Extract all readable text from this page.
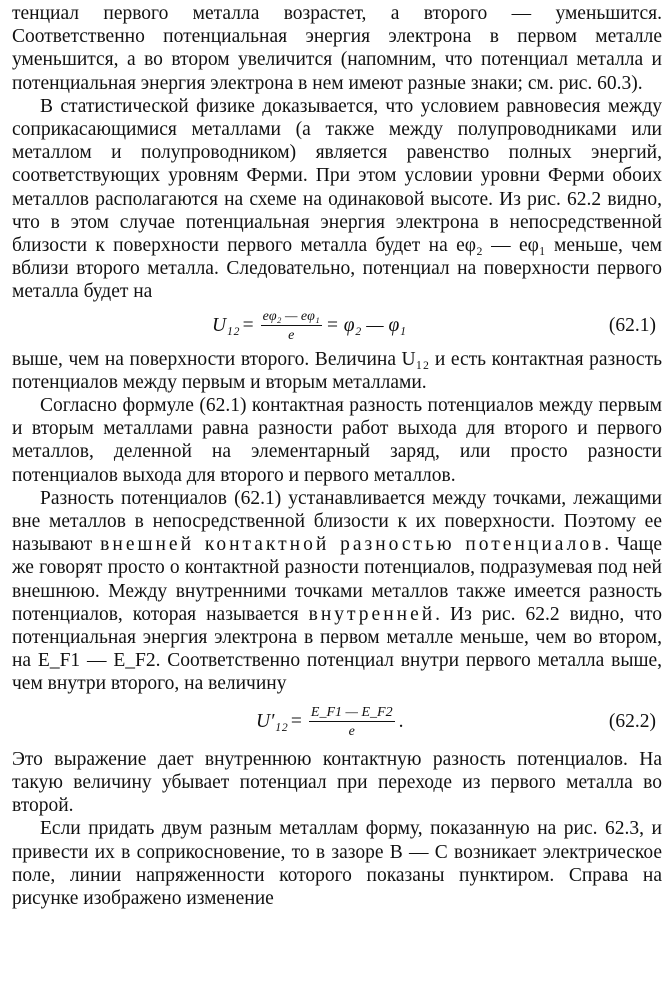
тенциал первого металла возрастет, а второго — уменьшится. Соответственно потенциальная энергия электрона в первом металле уменьшится, а во втором увеличится (напомним, что потенциал металла и потенциальная энергия электрона в нем имеют разные знаки; см. рис. 60.3).

В статистической физике доказывается, что условием равновесия между соприкасающимися металлами (а также между полупроводниками или металлом и полупроводником) является равенство полных энергий, соответствующих уровням Ферми. При этом условии уровни Ферми обоих металлов располагаются на схеме на одинаковой высоте. Из рис. 62.2 видно, что в этом случае потенциальная энергия электрона в непосредственной близости к поверхности первого металла будет на eφ₂ — eφ₁ меньше, чем вблизи второго металла. Следовательно, потенциал на поверхности первого металла будет на

$U_{12} = \frac{\text{eφ₂ — eφ₁}}{e} = \varphi_2$ — φ₁	(62.1)

выше, чем на поверхности второго. Величина U₁₂ и есть контактная разность потенциалов между первым и вторым металлами.

Согласно формуле (62.1) контактная разность потенциалов между первым и вторым металлами равна разности работ выхода для второго и первого металлов, деленной на элементарный заряд, или просто разности потенциалов выхода для второго и первого металлов.

Разность потенциалов (62.1) устанавливается между точками, лежащими вне металлов в непосредственной близости к их поверхности. Поэтому ее называют внешней контактной разностью потенциалов. Чаще же говорят просто о контактной разности потенциалов, подразумевая под ней внешнюю. Между внутренними точками металлов также имеется разность потенциалов, которая называется внутренней. Из рис. 62.2 видно, что потенциальная энергия электрона в первом металле меньше, чем во втором, на E_F1 — E_F2. Соответственно потенциал внутри первого металла выше, чем внутри второго, на величину

$U'_{12} = \frac{E\_F1 — E\_F2}{e}$ .	(62.2)

Это выражение дает внутреннюю контактную разность потенциалов. На такую величину убывает потенциал при переходе из первого металла во второй.

Если придать двум разным металлам форму, показанную на рис. 62.3, и привести их в соприкосновение, то в зазоре B — C возникает электрическое поле, линии напряженности которого показаны пунктиром. Справа на рисунке изображено изменение
